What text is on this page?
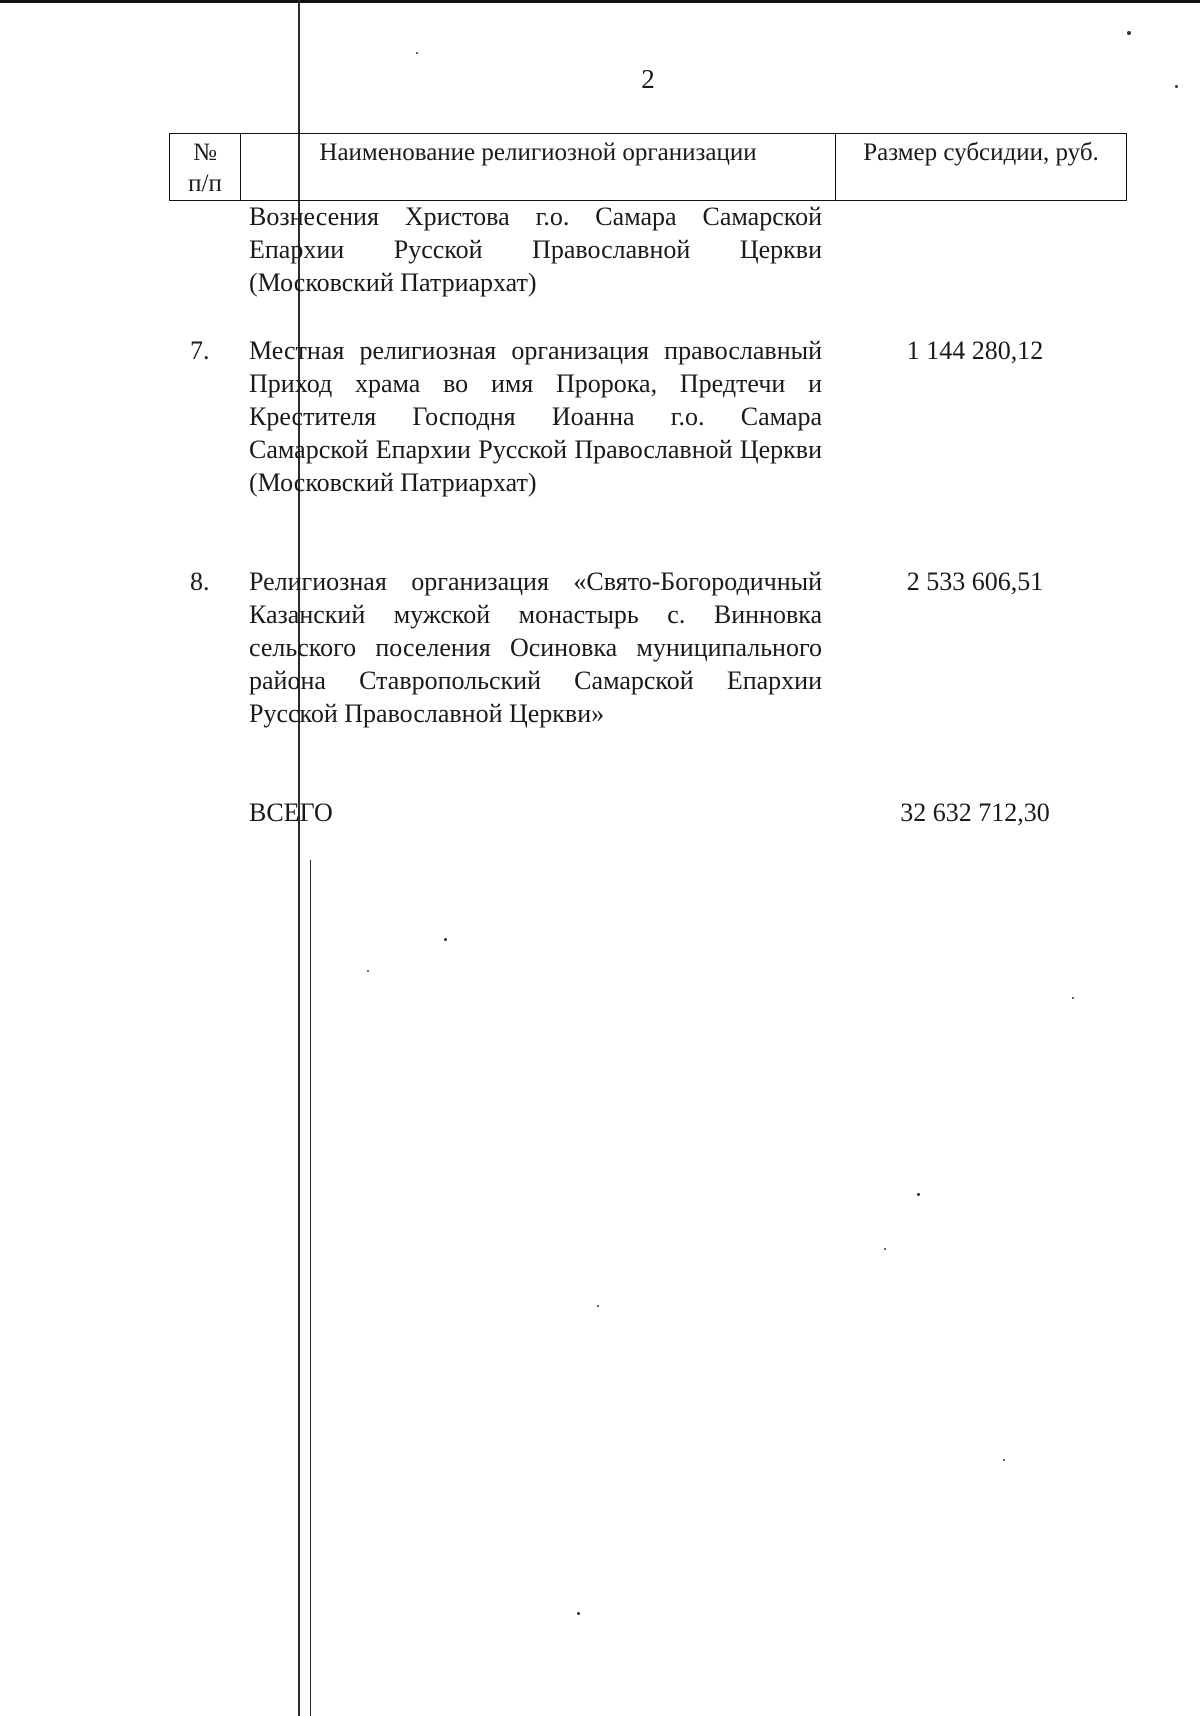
2
№
п/п
Наименование религиозной организации	Размер субсидии, руб.
Вознесения Христова г.о. Самара Самарской Епархии Русской Православной Церкви (Московский Патриархат)
7. Местная религиозная организация православный Приход храма во имя Пророка, Предтечи и Крестителя Господня Иоанна г.о. Самара Самарской Епархии Русской Православной Церкви (Московский Патриархат)
1 144 280,12
8. Религиозная организация «Свято-Богородичный Казанский мужской монастырь с. Винновка сельского поселения Осиновка муниципального района Ставропольский Самарской Епархии Русской Православной Церкви»
2 533 606,51
ВСЕГО	32 632 712,30
